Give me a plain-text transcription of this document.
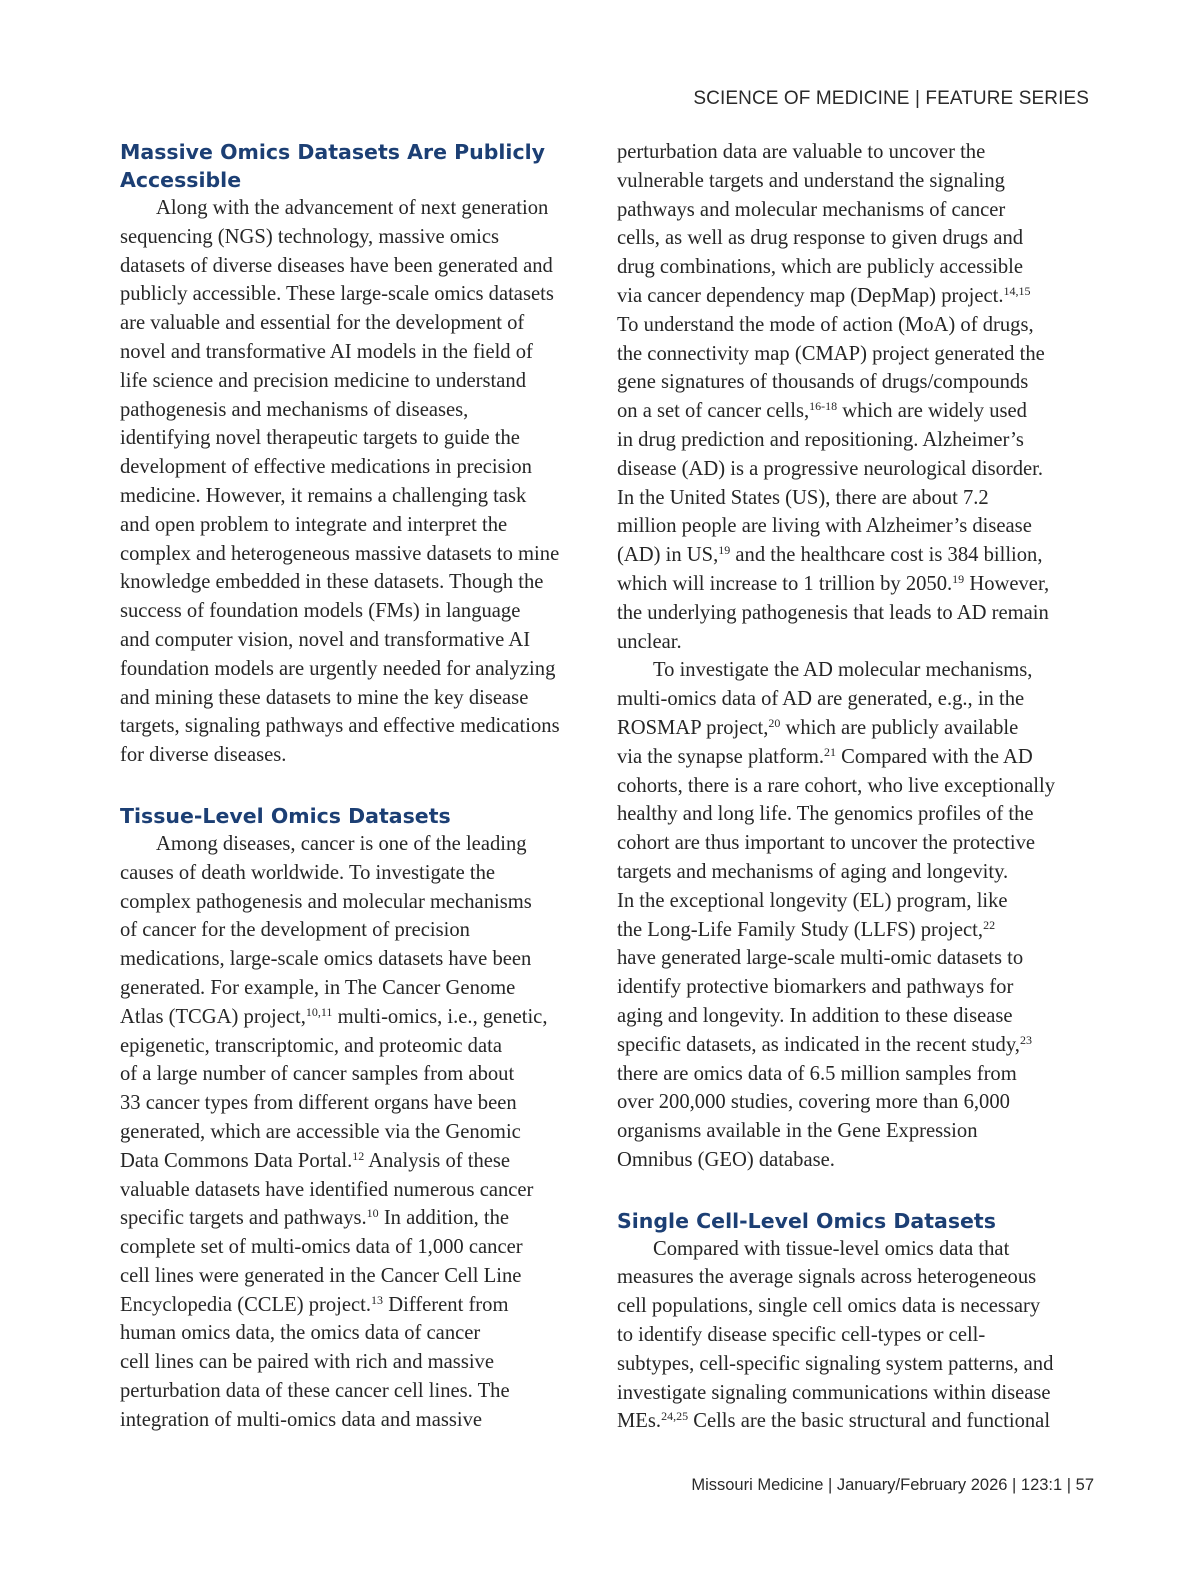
SCIENCE OF MEDICINE | FEATURE SERIES
Massive Omics Datasets Are Publicly
Accessible
Along with the advancement of next generation
sequencing (NGS) technology, massive omics
datasets of diverse diseases have been generated and
publicly accessible. These large-scale omics datasets
are valuable and essential for the development of
novel and transformative AI models in the field of
life science and precision medicine to understand
pathogenesis and mechanisms of diseases,
identifying novel therapeutic targets to guide the
development of effective medications in precision
medicine. However, it remains a challenging task
and open problem to integrate and interpret the
complex and heterogeneous massive datasets to mine
knowledge embedded in these datasets. Though the
success of foundation models (FMs) in language
and computer vision, novel and transformative AI
foundation models are urgently needed for analyzing
and mining these datasets to mine the key disease
targets, signaling pathways and effective medications
for diverse diseases.
Tissue-Level Omics Datasets
Among diseases, cancer is one of the leading
causes of death worldwide. To investigate the
complex pathogenesis and molecular mechanisms
of cancer for the development of precision
medications, large-scale omics datasets have been
generated. For example, in The Cancer Genome
Atlas (TCGA) project,$^{10,11}$ multi-omics, i.e., genetic,
epigenetic, transcriptomic, and proteomic data
of a large number of cancer samples from about
33 cancer types from different organs have been
generated, which are accessible via the Genomic
Data Commons Data Portal.$^{12}$ Analysis of these
valuable datasets have identified numerous cancer
specific targets and pathways.$^{10}$ In addition, the
complete set of multi-omics data of 1,000 cancer
cell lines were generated in the Cancer Cell Line
Encyclopedia (CCLE) project.$^{13}$ Different from
human omics data, the omics data of cancer
cell lines can be paired with rich and massive
perturbation data of these cancer cell lines. The
integration of multi-omics data and massive
perturbation data are valuable to uncover the
vulnerable targets and understand the signaling
pathways and molecular mechanisms of cancer
cells, as well as drug response to given drugs and
drug combinations, which are publicly accessible
via cancer dependency map (DepMap) project.$^{14,15}$
To understand the mode of action (MoA) of drugs,
the connectivity map (CMAP) project generated the
gene signatures of thousands of drugs/compounds
on a set of cancer cells,$^{16-18}$ which are widely used
in drug prediction and repositioning. Alzheimer’s
disease (AD) is a progressive neurological disorder.
In the United States (US), there are about 7.2
million people are living with Alzheimer’s disease
(AD) in US,$^{19}$ and the healthcare cost is 384 billion,
which will increase to 1 trillion by 2050.19 However,
the underlying pathogenesis that leads to AD remain
unclear.
To investigate the AD molecular mechanisms,
multi-omics data of AD are generated, e.g., in the
ROSMAP project,$^{20}$ which are publicly available
via the synapse platform.$^{21}$ Compared with the AD
cohorts, there is a rare cohort, who live exceptionally
healthy and long life. The genomics profiles of the
cohort are thus important to uncover the protective
targets and mechanisms of aging and longevity.
In the exceptional longevity (EL) program, like
the Long-Life Family Study (LLFS) project,$^{22}$
have generated large-scale multi-omic datasets to
identify protective biomarkers and pathways for
aging and longevity. In addition to these disease
specific datasets, as indicated in the recent study,$^{23}$
there are omics data of 6.5 million samples from
over 200,000 studies, covering more than 6,000
organisms available in the Gene Expression
Omnibus (GEO) database.
Single Cell-Level Omics Datasets
Compared with tissue-level omics data that
measures the average signals across heterogeneous
cell populations, single cell omics data is necessary
to identify disease specific cell-types or cell-
subtypes, cell-specific signaling system patterns, and
investigate signaling communications within disease
MEs.$^{24,25}$ Cells are the basic structural and functional
Missouri Medicine | January/February 2026 | 123:1 | 57
